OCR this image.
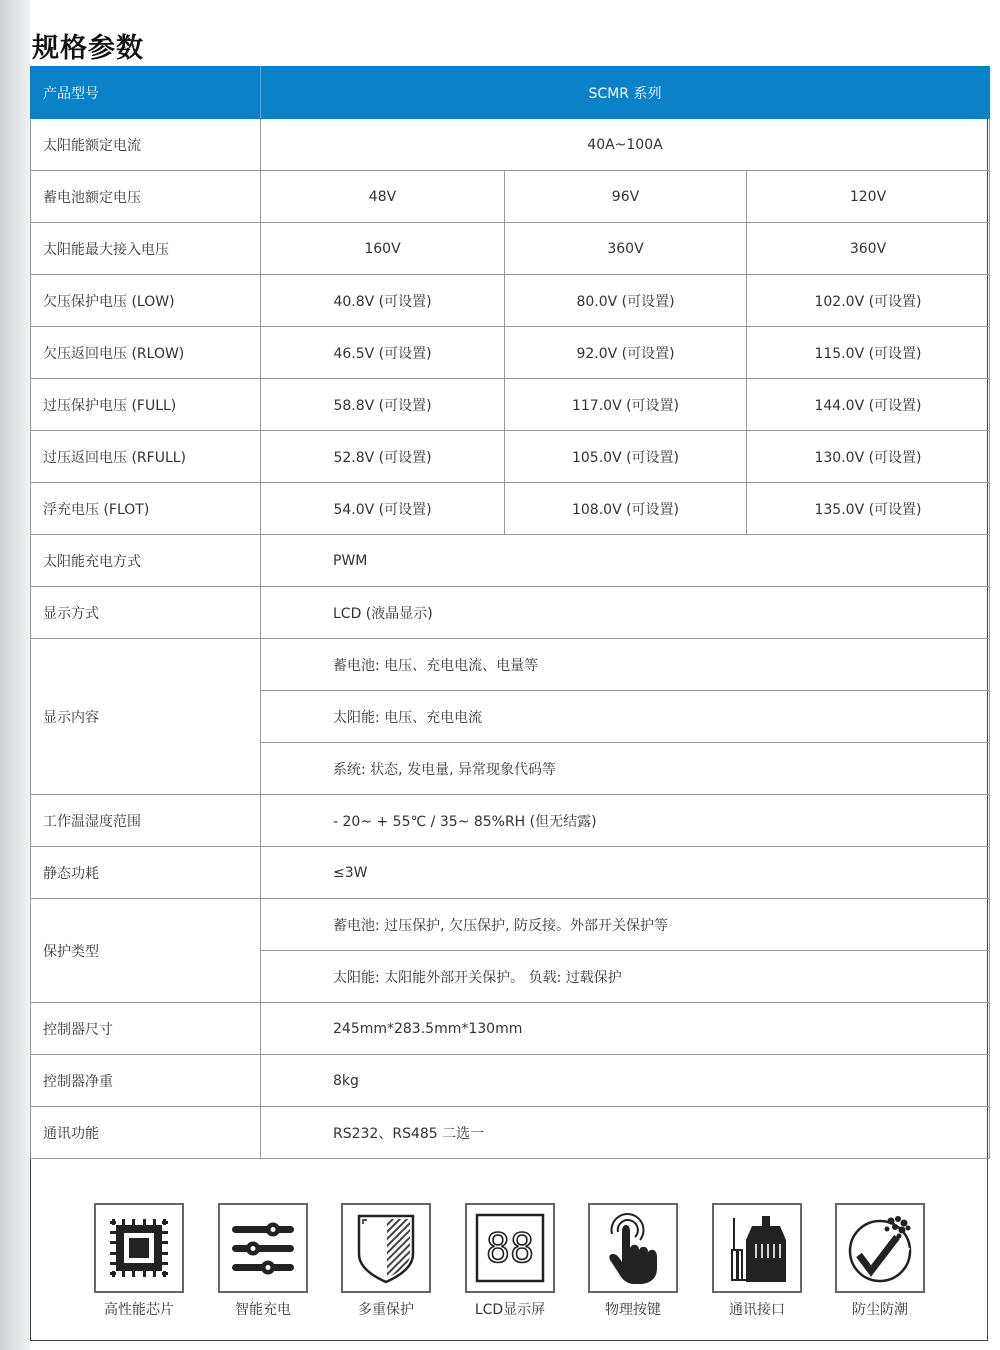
规格参数
产品型号	SCMR 系列		
太阳能额定电流	40A~100A		
蓄电池额定电压	48V	96V	120V
太阳能最大接入电压	160V	360V	360V
欠压保护电压 (LOW)	40.8V (可设置)	80.0V (可设置)	102.0V (可设置)
欠压返回电压 (RLOW)	46.5V (可设置)	92.0V (可设置)	115.0V (可设置)
过压保护电压 (FULL)	58.8V (可设置)	117.0V (可设置)	144.0V (可设置)
过压返回电压 (RFULL)	52.8V (可设置)	105.0V (可设置)	130.0V (可设置)
浮充电压 (FLOT)	54.0V (可设置)	108.0V (可设置)	135.0V (可设置)
太阳能充电方式	PWM		
显示方式	LCD (液晶显示)		
显示内容	蓄电池: 电压、充电电流、电量等		
	太阳能: 电压、充电电流		
	系统: 状态, 发电量, 异常现象代码等		
工作温湿度范围	- 20~ + 55℃ / 35~ 85%RH (但无结露)		
静态功耗	≤3W		
保护类型	蓄电池: 过压保护, 欠压保护, 防反接。外部开关保护等		
	太阳能: 太阳能外部开关保护。 负载: 过载保护		
控制器尺寸	245mm*283.5mm*130mm		
控制器净重	8kg		
通讯功能	RS232、RS485 二选一		
高性能芯片	智能充电	多重保护
88
LCD显示屏	物理按键	通讯接口	防尘防潮
